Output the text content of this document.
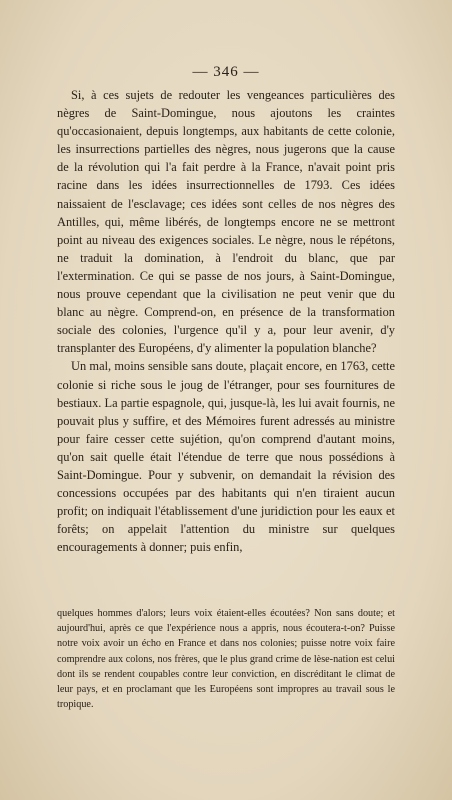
— 346 —

Si, à ces sujets de redouter les vengeances particulières des nègres de Saint-Domingue, nous ajoutons les craintes qu'occasionaient, depuis longtemps, aux habitants de cette colonie, les insurrections partielles des nègres, nous jugerons que la cause de la révolution qui l'a fait perdre à la France, n'avait point pris racine dans les idées insurrectionnelles de 1793. Ces idées naissaient de l'esclavage; ces idées sont celles de nos nègres des Antilles, qui, même libérés, de longtemps encore ne se mettront point au niveau des exigences sociales. Le nègre, nous le répétons, ne traduit la domination, à l'endroit du blanc, que par l'extermination. Ce qui se passe de nos jours, à Saint-Domingue, nous prouve cependant que la civilisation ne peut venir que du blanc au nègre. Comprend-on, en présence de la transformation sociale des colonies, l'urgence qu'il y a, pour leur avenir, d'y transplanter des Européens, d'y alimenter la population blanche?

Un mal, moins sensible sans doute, plaçait encore, en 1763, cette colonie si riche sous le joug de l'étranger, pour ses fournitures de bestiaux. La partie espagnole, qui, jusque-là, les lui avait fournis, ne pouvait plus y suffire, et des Mémoires furent adressés au ministre pour faire cesser cette sujétion, qu'on comprend d'autant moins, qu'on sait quelle était l'étendue de terre que nous possédions à Saint-Domingue. Pour y subvenir, on demandait la révision des concessions occupées par des habitants qui n'en tiraient aucun profit; on indiquait l'établissement d'une juridiction pour les eaux et forêts; on appelait l'attention du ministre sur quelques encouragements à donner; puis enfin,

quelques hommes d'alors; leurs voix étaient-elles écoutées? Non sans doute; et aujourd'hui, après ce que l'expérience nous a appris, nous écoutera-t-on? Puisse notre voix avoir un écho en France et dans nos colonies; puisse notre voix faire comprendre aux colons, nos frères, que le plus grand crime de lèse-nation est celui dont ils se rendent coupables contre leur conviction, en discréditant le climat de leur pays, et en proclamant que les Européens sont impropres au travail sous le tropique.
